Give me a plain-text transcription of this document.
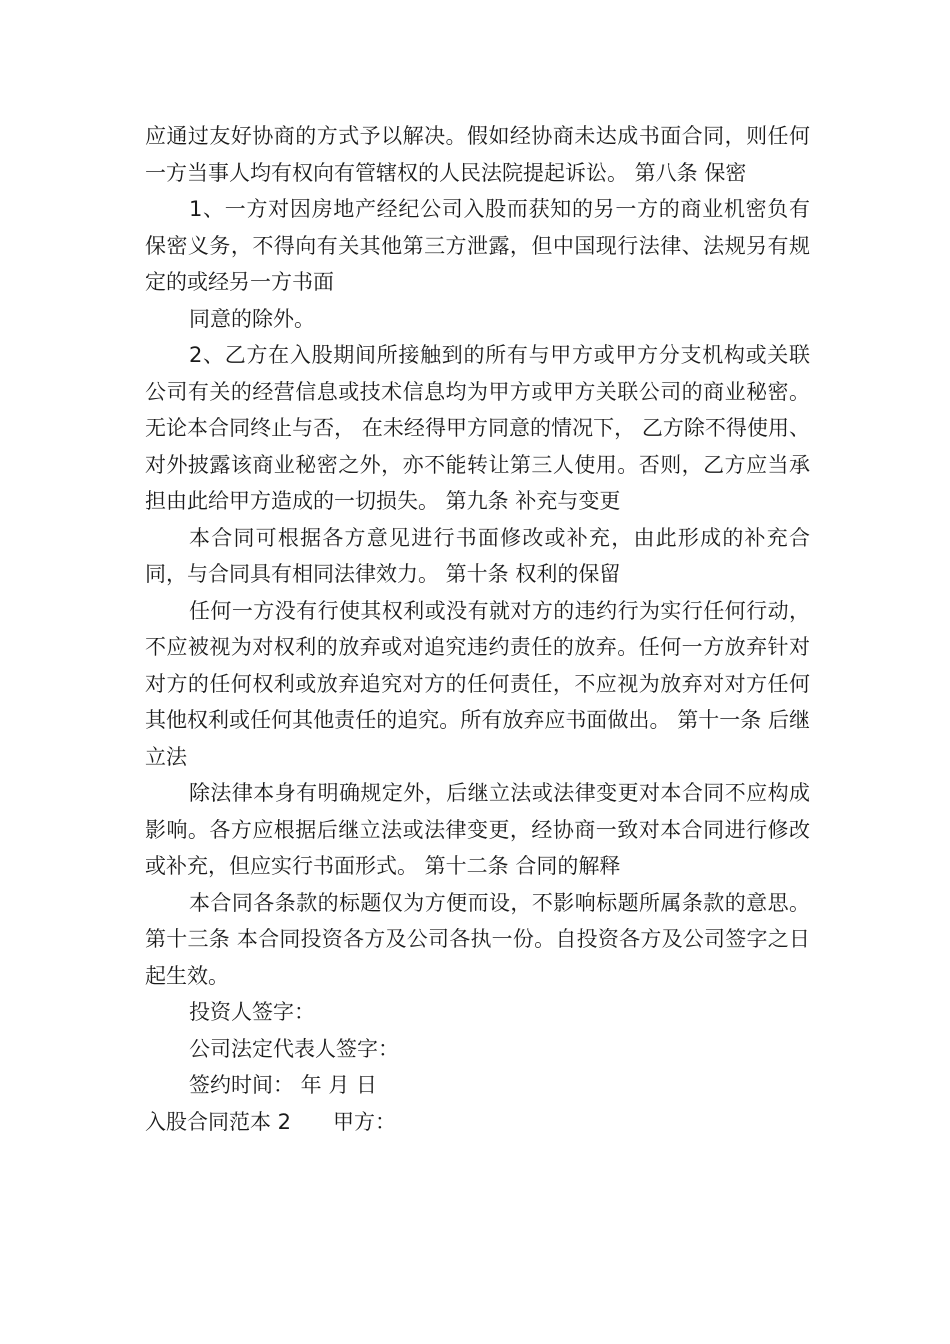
应通过友好协商的方式予以解决。假如经协商未达成书面合同，则任何一方当事人均有权向有管辖权的人民法院提起诉讼。 第八条 保密

1、一方对因房地产经纪公司入股而获知的另一方的商业机密负有保密义务，不得向有关其他第三方泄露，但中国现行法律、法规另有规定的或经另一方书面

同意的除外。

2、乙方在入股期间所接触到的所有与甲方或甲方分支机构或关联公司有关的经营信息或技术信息均为甲方或甲方关联公司的商业秘密。无论本合同终止与否， 在未经得甲方同意的情况下， 乙方除不得使用、对外披露该商业秘密之外，亦不能转让第三人使用。否则，乙方应当承担由此给甲方造成的一切损失。 第九条 补充与变更

本合同可根据各方意见进行书面修改或补充，由此形成的补充合同，与合同具有相同法律效力。 第十条 权利的保留

任何一方没有行使其权利或没有就对方的违约行为实行任何行动，不应被视为对权利的放弃或对追究违约责任的放弃。任何一方放弃针对对方的任何权利或放弃追究对方的任何责任，不应视为放弃对对方任何其他权利或任何其他责任的追究。所有放弃应书面做出。 第十一条 后继立法

除法律本身有明确规定外，后继立法或法律变更对本合同不应构成影响。各方应根据后继立法或法律变更，经协商一致对本合同进行修改或补充，但应实行书面形式。 第十二条 合同的解释

本合同各条款的标题仅为方便而设，不影响标题所属条款的意思。 第十三条 本合同投资各方及公司各执一份。自投资各方及公司签字之日起生效。

投资人签字：

公司法定代表人签字：

签约时间： 年 月 日

入股合同范本 2　　甲方：
